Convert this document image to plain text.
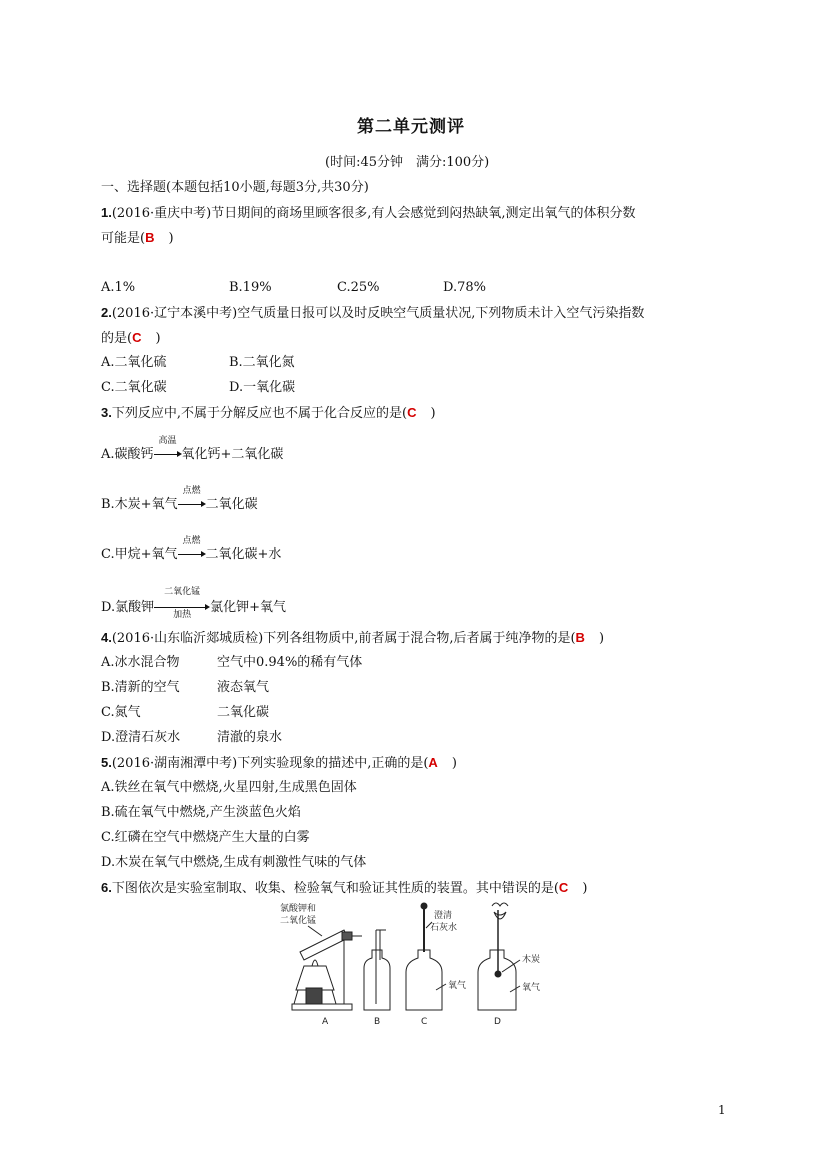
第二单元测评
(时间:45分钟　满分:100分)
一、选择题(本题包括10小题,每题3分,共30分)
1.(2016·重庆中考)节日期间的商场里顾客很多,有人会感觉到闷热缺氧,测定出氧气的体积分数
可能是(B )
A.1%	B.19%	C.25%	D.78%
2.(2016·辽宁本溪中考)空气质量日报可以及时反映空气质量状况,下列物质未计入空气污染指数
的是(C )
A.二氧化硫	B.二氧化氮
C.二氧化碳	D.一氧化碳
3.下列反应中,不属于分解反应也不属于化合反应的是(C )
A.碳酸钙
高温
氧化钙+二氧化碳
B.木炭+氧气
点燃
二氧化碳
C.甲烷+氧气
点燃
二氧化碳+水
D.氯酸钾
二氧化锰
加热	氯化钾+氧气
4.(2016·山东临沂郯城质检)下列各组物质中,前者属于混合物,后者属于纯净物的是(B )
A.冰水混合物	空气中0.94%的稀有气体
B.清新的空气	液态氧气
C.氮气	二氧化碳
D.澄清石灰水	清澈的泉水
5.(2016·湖南湘潭中考)下列实验现象的描述中,正确的是(A )
A.铁丝在氧气中燃烧,火星四射,生成黑色固体
B.硫在氧气中燃烧,产生淡蓝色火焰
C.红磷在空气中燃烧产生大量的白雾
D.木炭在氧气中燃烧,生成有刺激性气味的气体
6.下图依次是实验室制取、收集、检验氧气和验证其性质的装置。其中错误的是(C )
氯酸钾和
二氧化锰	澄清
石灰水
氧气
木炭
氧气
A	B	C	D
1
